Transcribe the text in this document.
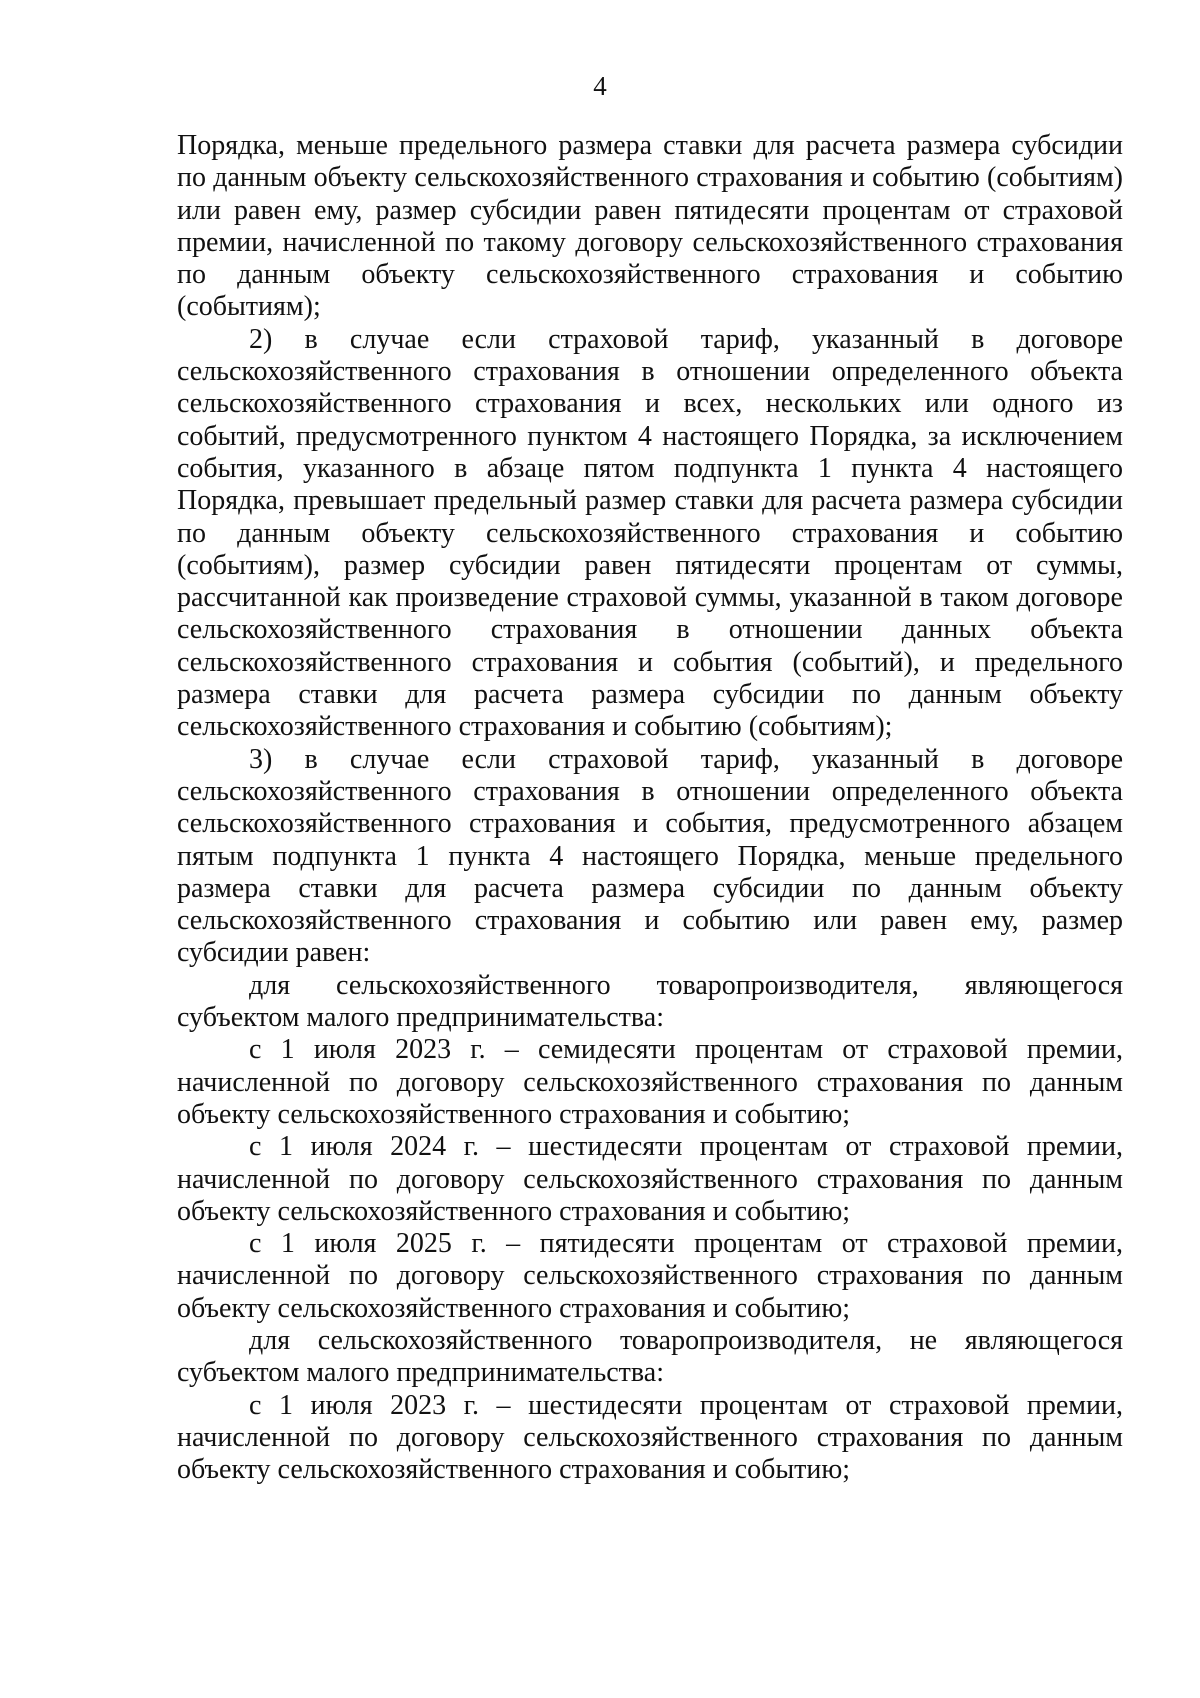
4

Порядка, меньше предельного размера ставки для расчета размера субсидии по данным объекту сельскохозяйственного страхования и событию (событиям) или равен ему, размер субсидии равен пятидесяти процентам от страховой премии, начисленной по такому договору сельскохозяйственного страхования по данным объекту сельскохозяйственного страхования и событию (событиям);

2) в случае если страховой тариф, указанный в договоре сельскохозяйственного страхования в отношении определенного объекта сельскохозяйственного страхования и всех, нескольких или одного из событий, предусмотренного пунктом 4 настоящего Порядка, за исключением события, указанного в абзаце пятом подпункта 1 пункта 4 настоящего Порядка, превышает предельный размер ставки для расчета размера субсидии по данным объекту сельскохозяйственного страхования и событию (событиям), размер субсидии равен пятидесяти процентам от суммы, рассчитанной как произведение страховой суммы, указанной в таком договоре сельскохозяйственного страхования в отношении данных объекта сельскохозяйственного страхования и события (событий), и предельного размера ставки для расчета размера субсидии по данным объекту сельскохозяйственного страхования и событию (событиям);

3) в случае если страховой тариф, указанный в договоре сельскохозяйственного страхования в отношении определенного объекта сельскохозяйственного страхования и события, предусмотренного абзацем пятым подпункта 1 пункта 4 настоящего Порядка, меньше предельного размера ставки для расчета размера субсидии по данным объекту сельскохозяйственного страхования и событию или равен ему, размер субсидии равен:

для сельскохозяйственного товаропроизводителя, являющегося субъектом малого предпринимательства:

с 1 июля 2023 г. – семидесяти процентам от страховой премии, начисленной по договору сельскохозяйственного страхования по данным объекту сельскохозяйственного страхования и событию;

с 1 июля 2024 г. – шестидесяти процентам от страховой премии, начисленной по договору сельскохозяйственного страхования по данным объекту сельскохозяйственного страхования и событию;

с 1 июля 2025 г. – пятидесяти процентам от страховой премии, начисленной по договору сельскохозяйственного страхования по данным объекту сельскохозяйственного страхования и событию;

для сельскохозяйственного товаропроизводителя, не являющегося субъектом малого предпринимательства:

с 1 июля 2023 г. – шестидесяти процентам от страховой премии, начисленной по договору сельскохозяйственного страхования по данным объекту сельскохозяйственного страхования и событию;
